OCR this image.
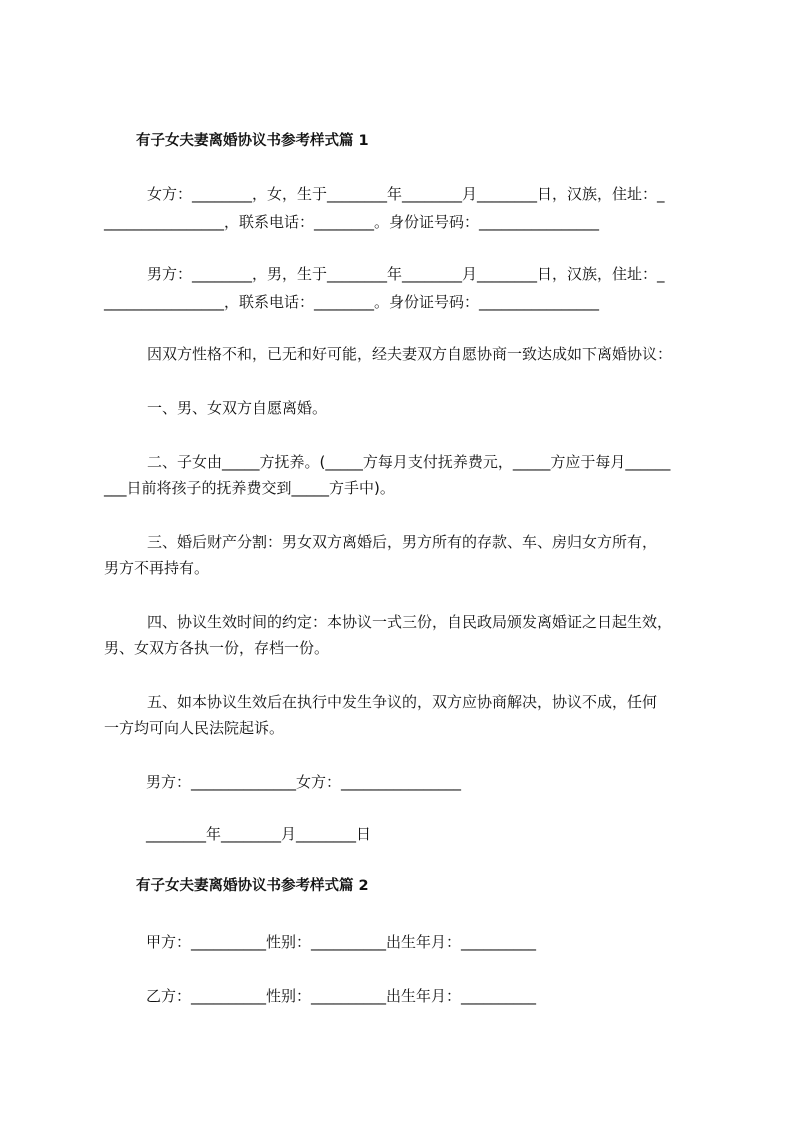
有子女夫妻离婚协议书参考样式篇 1
女方：________，女，生于________年________月________日，汉族，住址：_
________________，联系电话：________。身份证号码：________________
男方：________，男，生于________年________月________日，汉族，住址：_
________________，联系电话：________。身份证号码：________________
因双方性格不和，已无和好可能，经夫妻双方自愿协商一致达成如下离婚协议：
一、男、女双方自愿离婚。
二、子女由_____方抚养。(_____方每月支付抚养费元，_____方应于每月______
___日前将孩子的抚养费交到_____方手中)。
三、婚后财产分割：男女双方离婚后，男方所有的存款、车、房归女方所有，
男方不再持有。
四、协议生效时间的约定：本协议一式三份，自民政局颁发离婚证之日起生效，
男、女双方各执一份，存档一份。
五、如本协议生效后在执行中发生争议的，双方应协商解决，协议不成，任何
一方均可向人民法院起诉。
男方：______________女方：________________
________年________月________日
有子女夫妻离婚协议书参考样式篇 2
甲方：__________性别：__________出生年月：__________
乙方：__________性别：__________出生年月：__________
